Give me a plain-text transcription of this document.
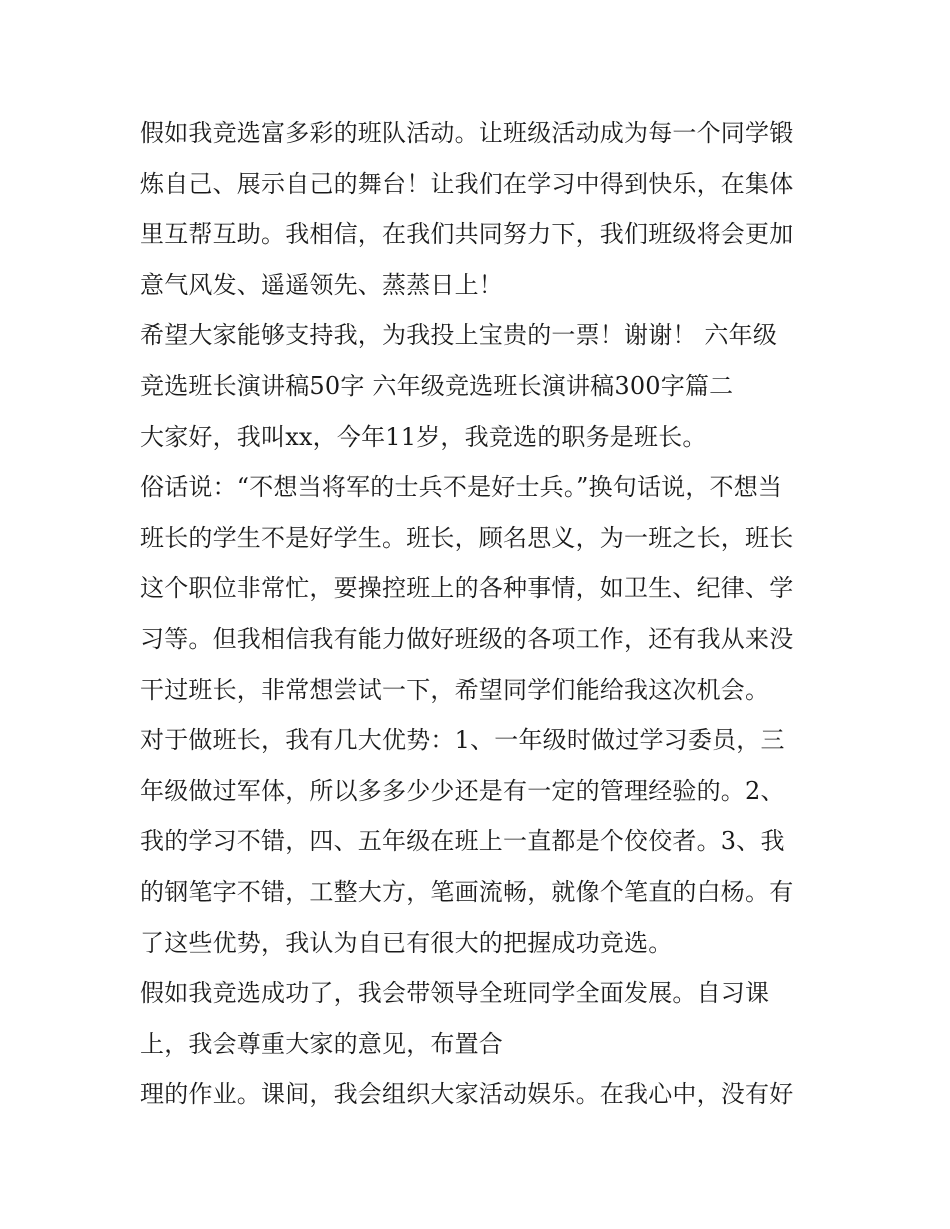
假如我竞选富多彩的班队活动。让班级活动成为每一个同学锻
炼自己、展示自己的舞台！让我们在学习中得到快乐，在集体
里互帮互助。我相信，在我们共同努力下，我们班级将会更加
意气风发、遥遥领先、蒸蒸日上！
希望大家能够支持我，为我投上宝贵的一票！谢谢！ 六年级
竞选班长演讲稿50字 六年级竞选班长演讲稿300字篇二
大家好，我叫xx，今年11岁，我竞选的职务是班长。
俗话说：“不想当将军的士兵不是好士兵。”换句话说，不想当
班长的学生不是好学生。班长，顾名思义，为一班之长，班长
这个职位非常忙，要操控班上的各种事情，如卫生、纪律、学
习等。但我相信我有能力做好班级的各项工作，还有我从来没
干过班长，非常想尝试一下，希望同学们能给我这次机会。
对于做班长，我有几大优势：1、一年级时做过学习委员，三
年级做过军体，所以多多少少还是有一定的管理经验的。2、
我的学习不错，四、五年级在班上一直都是个佼佼者。3、我
的钢笔字不错，工整大方，笔画流畅，就像个笔直的白杨。有
了这些优势，我认为自已有很大的把握成功竞选。
假如我竞选成功了，我会带领导全班同学全面发展。自习课
上，我会尊重大家的意见，布置合
理的作业。课间，我会组织大家活动娱乐。在我心中，没有好
